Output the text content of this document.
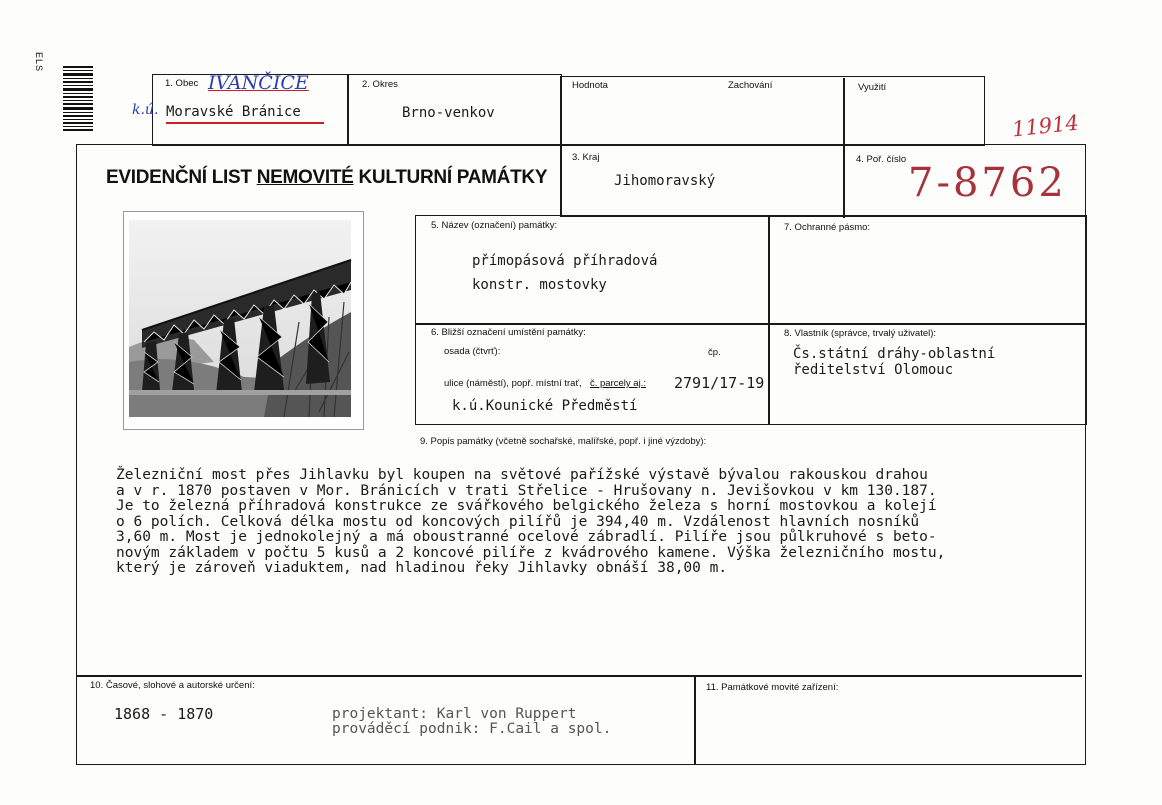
ELS
1. Obec IVANČICE
k.ú. Moravské Bránice
2. Okres
Brno-venkov
Hodnota	Zachování	Využití
11914
EVIDENČNÍ LIST NEMOVITÉ KULTURNÍ PAMÁTKY
3. Kraj
Jihomoravský
4. Poř. číslo
7-8762
5. Název (označení) památky:
přímopásová příhradová
konstr. mostovky
7. Ochranné pásmo:
6. Bližší označení umístění památky:
osada (čtvrť):	čp.
ulice (náměstí), popř. místní trať, č. parcely aj.: 2791/17-19
k.ú.Kounické Předměstí
8. Vlastník (správce, trvalý uživatel):
Čs.státní dráhy-oblastní
ředitelství Olomouc
9. Popis památky (včetně sochařské, malířské, popř. i jiné výzdoby):
Železniční most přes Jihlavku byl koupen na světové pařížské výstavě bývalou rakouskou drahou
a v r. 1870 postaven v Mor. Bránicích v trati Střelice - Hrušovany n. Jevišovkou v km 130.187.
Je to železná příhradová konstrukce ze svářkového belgického železa s horní mostovkou a kolejí
o 6 polích. Celková délka mostu od koncových pilířů je 394,40 m. Vzdálenost hlavních nosníků
3,60 m. Most je jednokolejný a má oboustranné ocelové zábradlí. Pilíře jsou půlkruhové s beto-
novým základem v počtu 5 kusů a 2 koncové pilíře z kvádrového kamene. Výška železničního mostu,
který je zároveň viaduktem, nad hladinou řeky Jihlavky obnáší 38,00 m.
10. Časové, slohové a autorské určení:
1868 - 1870	projektant: Karl von Ruppert
prováděcí podnik: F.Cail a spol.
11. Památkové movité zařízení:
